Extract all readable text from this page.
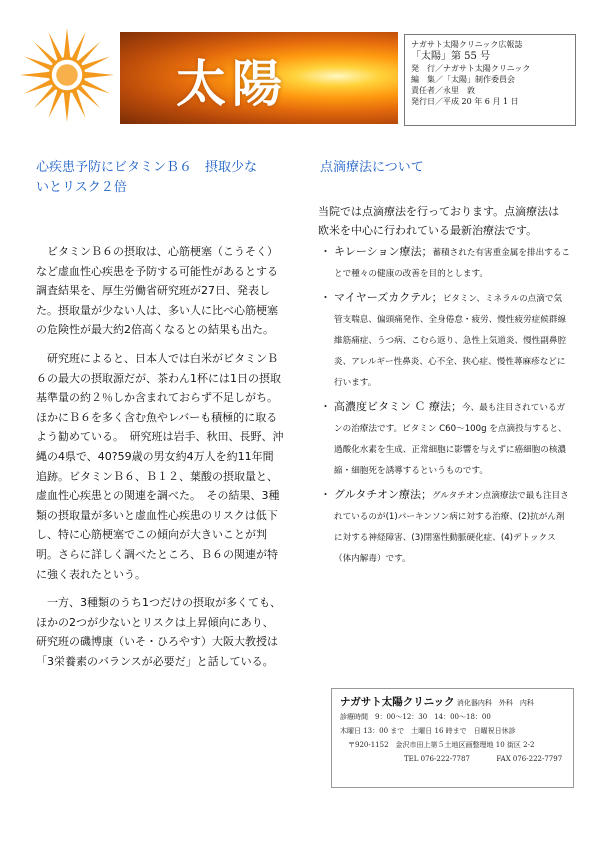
太陽
ナガサト太陽クリニック広報誌
「太陽」第 55 号
発　行／ナガサト太陽クリニック
編　集／「太陽」制作委員会
責任者／永里　敦
発行日／平成 20 年 6 月 1 日
心疾患予防にビタミンＢ６　摂取少な
いとリスク２倍

ビタミンＢ６の摂取は、心筋梗塞（こうそく）など虚血性心疾患を予防する可能性があるとする調査結果を、厚生労働省研究班が27日、発表した。摂取量が少ない人は、多い人に比べ心筋梗塞の危険性が最大約2倍高くなるとの結果も出た。

研究班によると、日本人では白米がビタミンＢ６の最大の摂取源だが、茶わん1杯には1日の摂取基準量の約２％しか含まれておらず不足しがち。ほかにＢ６を多く含む魚やレバーも積極的に取るよう勧めている。　研究班は岩手、秋田、長野、沖縄の4県で、40?59歳の男女約4万人を約11年間追跡。ビタミンＢ６、Ｂ１２、葉酸の摂取量と、虚血性心疾患との関連を調べた。　その結果、3種類の摂取量が多いと虚血性心疾患のリスクは低下し、特に心筋梗塞でこの傾向が大きいことが判明。さらに詳しく調べたところ、Ｂ６の関連が特に強く表れたという。

一方、3種類のうち1つだけの摂取が多くても、ほかの2つが少ないとリスクは上昇傾向にあり、研究班の磯博康（いそ・ひろやす）大阪大教授は「3栄養素のバランスが必要だ」と話している。

点滴療法について
当院では点滴療法を行っております。点滴療法は欧米を中心に行われている最新治療法です。
・ キレーション療法；蓄積された有害重金属を排出することで種々の健康の改善を目的とします。
・ マイヤーズカクテル；ビタミン、ミネラルの点滴で気管支喘息、偏頭痛発作、全身倦怠・疲労、慢性疲労症候群線維筋痛症、うつ病、こむら返り、急性上気道炎、慢性副鼻腔炎、アレルギー性鼻炎、心不全、狭心症、慢性蕁麻疹などに行います。
・ 高濃度ビタミン Ｃ 療法；今、最も注目されているガンの治療法です。ビタミン C60～100g を点滴投与すると、過酸化水素を生成、正常細胞に影響を与えずに癌細胞の核濃縮・細胞死を誘導するというものです。
・ グルタチオン療法；グルタチオン点滴療法で最も注目されているのが(1)パーキンソン病に対する治療、(2)抗がん剤に対する神経障害、(3)閉塞性動脈硬化症、(4)デトックス（体内解毒）です。
ナガサト太陽クリニック 消化器内科　外科　内科
診療時間　9：00～12：30　14：00～18：00
木曜日 13：00 まで　土曜日 16 時まで　日曜祝日休診
〒920-1152　金沢市田上第５土地区画整理地 10 街区 2-2
TEL 076-222-7787	FAX 076-222-7797
